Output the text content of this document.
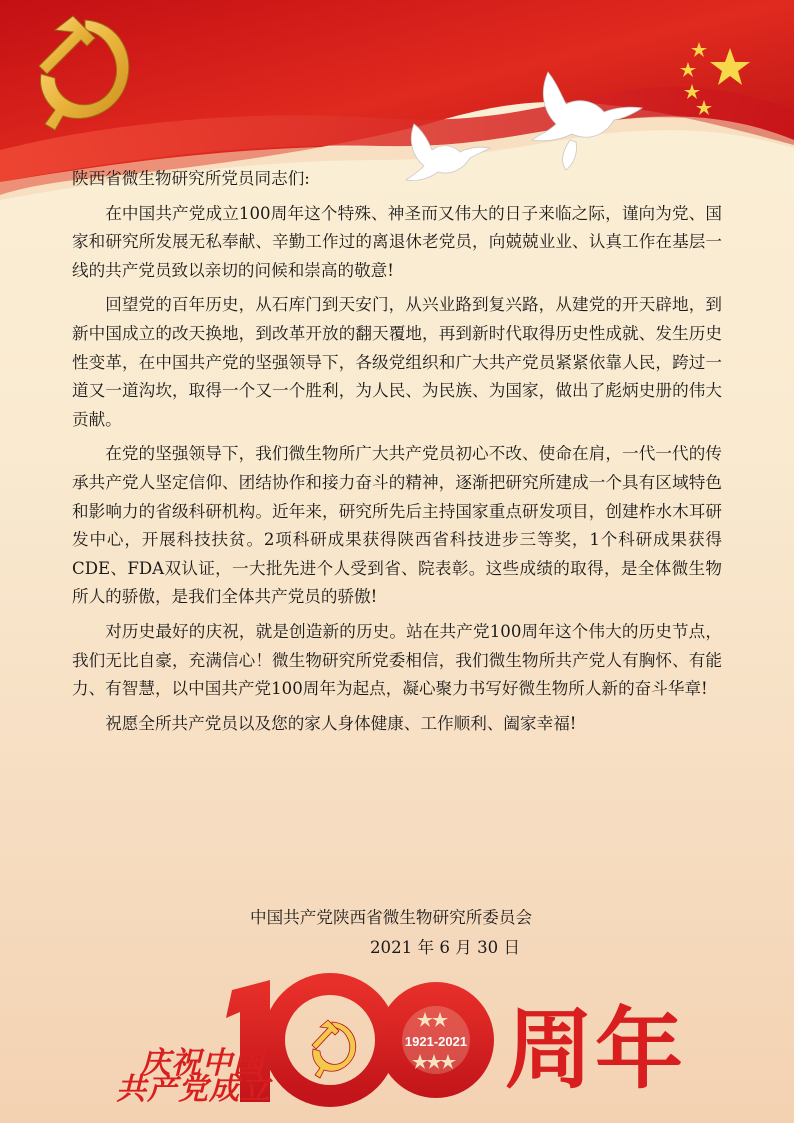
陕西省微生物研究所党员同志们:

在中国共产党成立100周年这个特殊、神圣而又伟大的日子来临之际，谨向为党、国家和研究所发展无私奉献、辛勤工作过的离退休老党员，向兢兢业业、认真工作在基层一线的共产党员致以亲切的问候和崇高的敬意!

回望党的百年历史，从石库门到天安门，从兴业路到复兴路，从建党的开天辟地，到新中国成立的改天换地，到改革开放的翻天覆地，再到新时代取得历史性成就、发生历史性变革，在中国共产党的坚强领导下，各级党组织和广大共产党员紧紧依靠人民，跨过一道又一道沟坎，取得一个又一个胜利，为人民、为民族、为国家，做出了彪炳史册的伟大贡献。

在党的坚强领导下，我们微生物所广大共产党员初心不改、使命在肩，一代一代的传承共产党人坚定信仰、团结协作和接力奋斗的精神，逐渐把研究所建成一个具有区域特色和影响力的省级科研机构。近年来，研究所先后主持国家重点研发项目，创建柞水木耳研发中心，开展科技扶贫。2项科研成果获得陕西省科技进步三等奖，1个科研成果获得CDE、FDA双认证，一大批先进个人受到省、院表彰。这些成绩的取得，是全体微生物所人的骄傲，是我们全体共产党员的骄傲!

对历史最好的庆祝，就是创造新的历史。站在共产党100周年这个伟大的历史节点，我们无比自豪，充满信心！微生物研究所党委相信，我们微生物所共产党人有胸怀、有能力、有智慧，以中国共产党100周年为起点，凝心聚力书写好微生物所人新的奋斗华章!

祝愿全所共产党员以及您的家人身体健康、工作顺利、阖家幸福!

中国共产党陕西省微生物研究所委员会
2021 年 6 月 30 日
1921-2021
庆祝中国
共产党成立	周年
